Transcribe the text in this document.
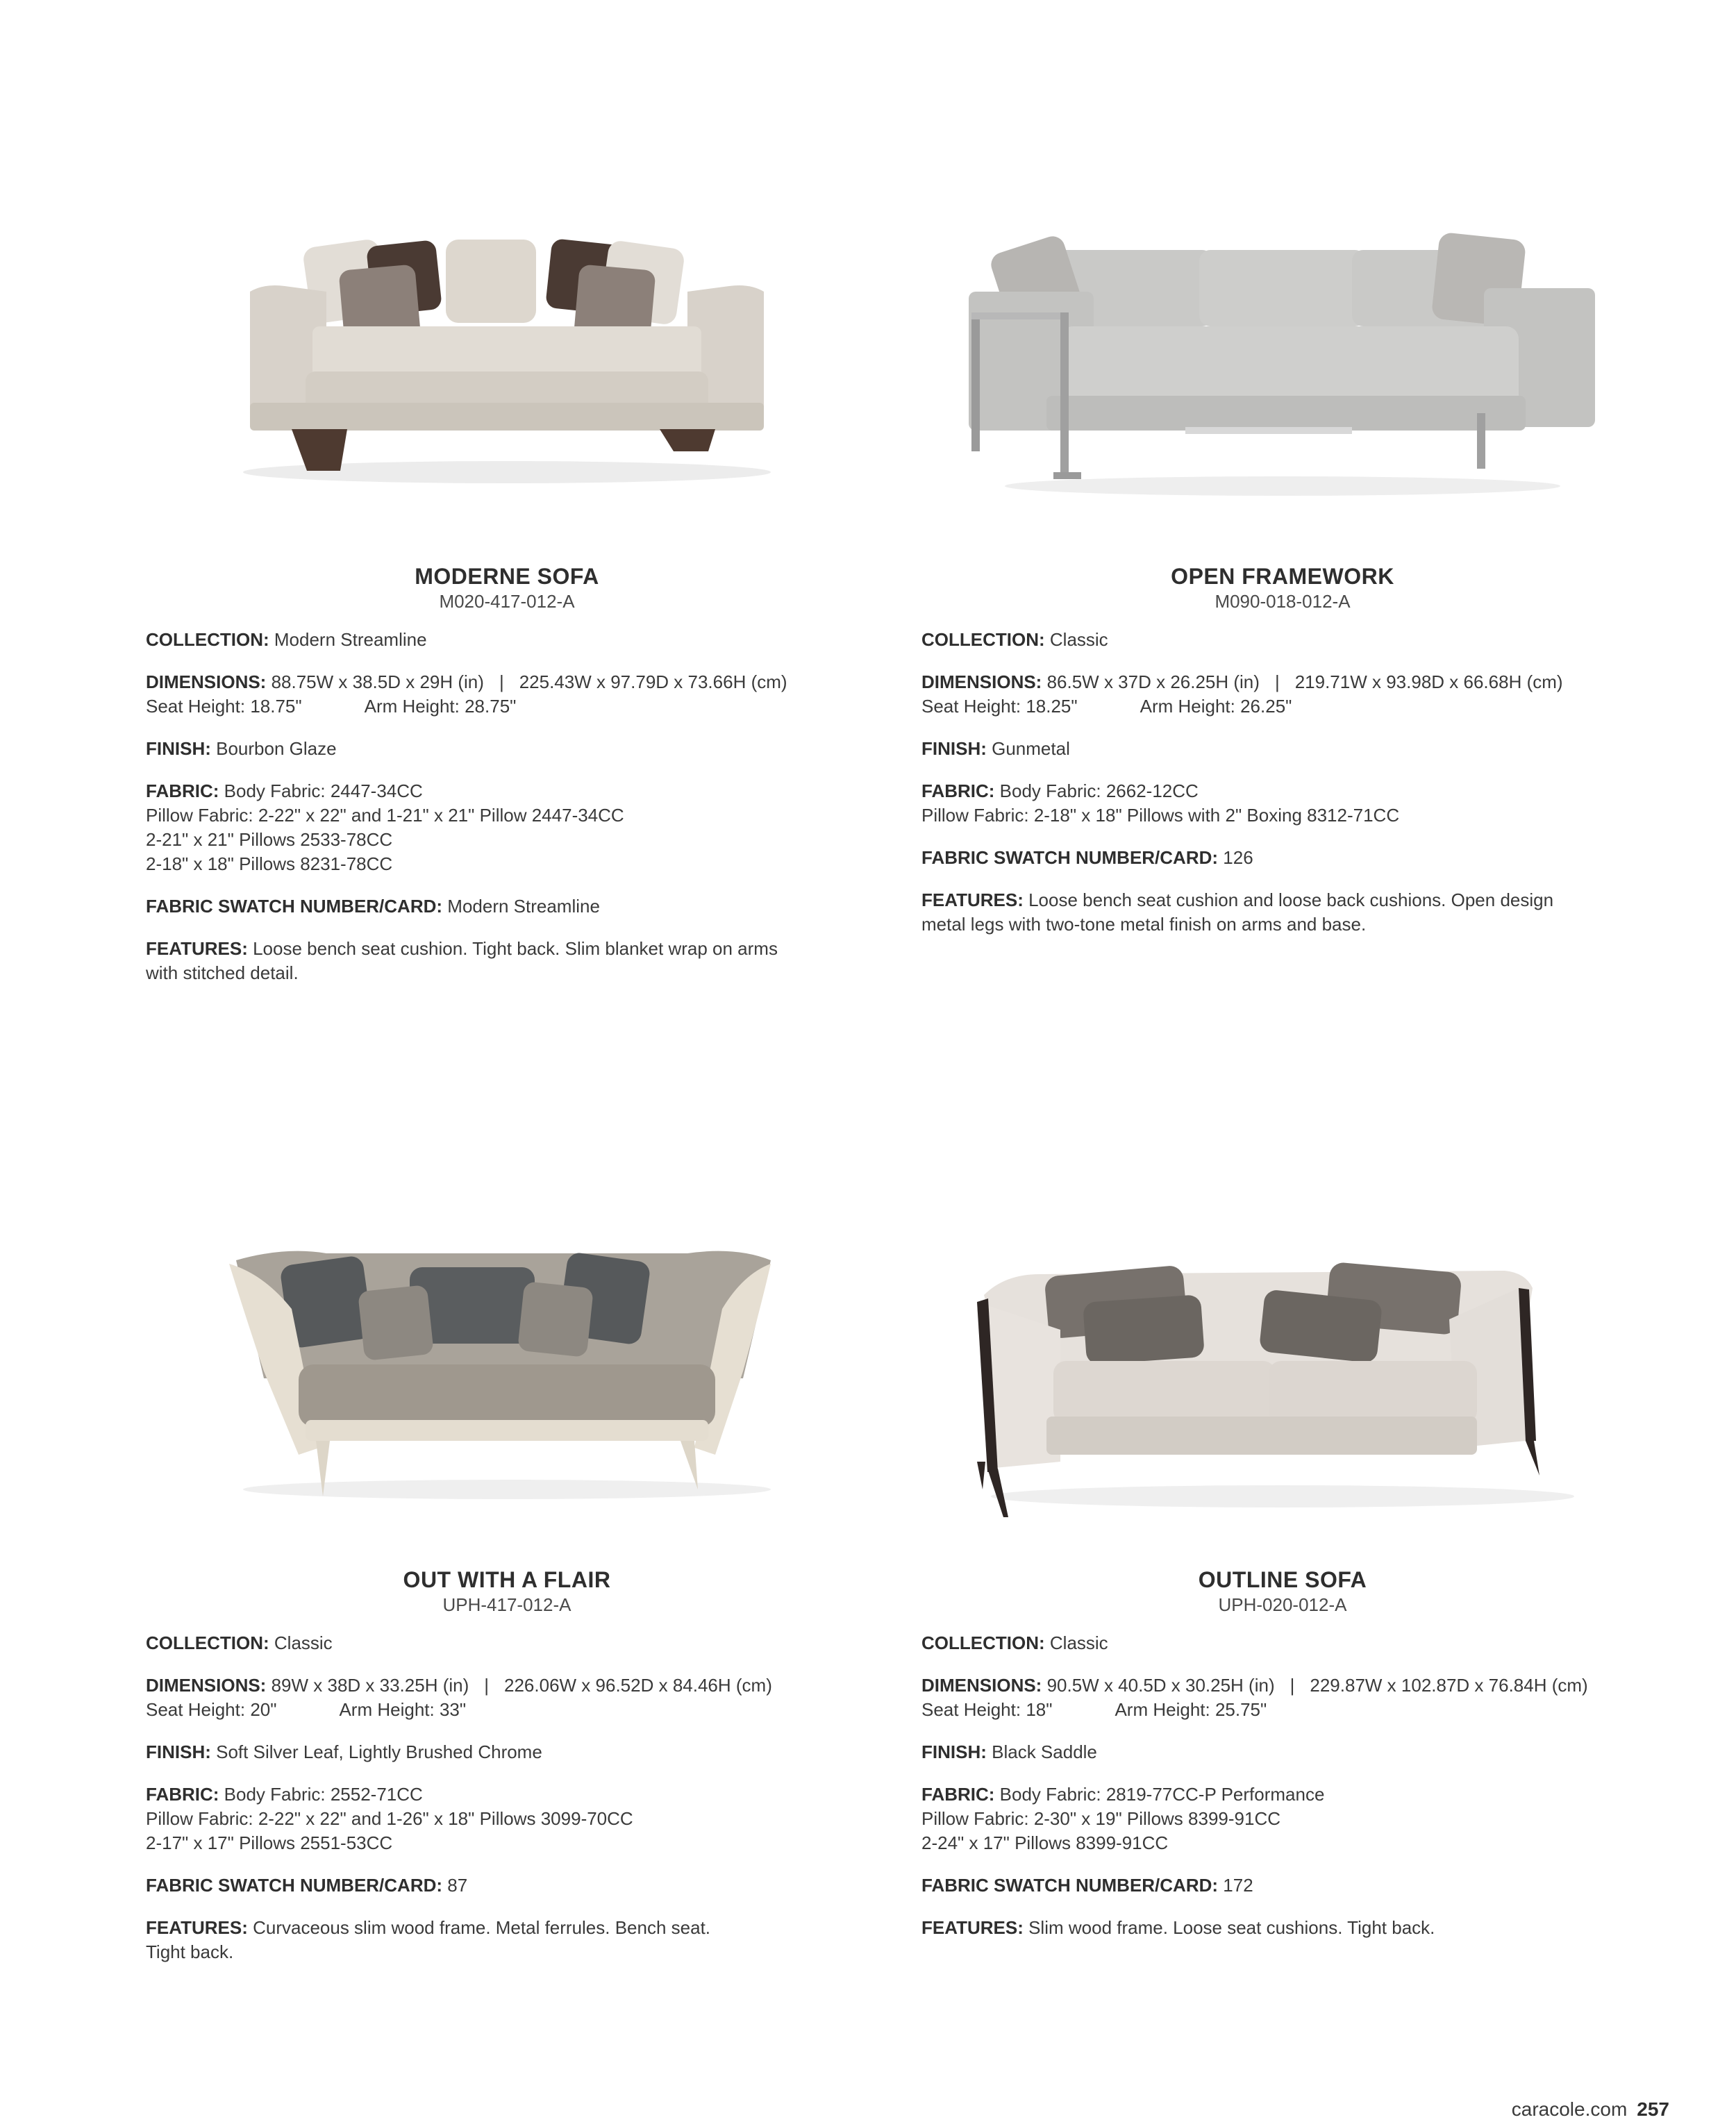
MODERNE SOFA
M020-417-012-A
COLLECTION: Modern Streamline
DIMENSIONS: 88.75W x 38.5D x 29H (in) | 225.43W x 97.79D x 73.66H (cm)
Seat Height: 18.75"	Arm Height: 28.75"
FINISH: Bourbon Glaze
FABRIC: Body Fabric: 2447-34CC
Pillow Fabric: 2-22" x 22" and 1-21" x 21" Pillow 2447-34CC
2-21" x 21" Pillows 2533-78CC
2-18" x 18" Pillows 8231-78CC
FABRIC SWATCH NUMBER/CARD: Modern Streamline
FEATURES: Loose bench seat cushion. Tight back. Slim blanket wrap on arms
with stitched detail.
OPEN FRAMEWORK
M090-018-012-A
COLLECTION: Classic
DIMENSIONS: 86.5W x 37D x 26.25H (in) | 219.71W x 93.98D x 66.68H (cm)
Seat Height: 18.25"	Arm Height: 26.25"
FINISH: Gunmetal
FABRIC: Body Fabric: 2662-12CC
Pillow Fabric: 2-18" x 18" Pillows with 2" Boxing 8312-71CC
FABRIC SWATCH NUMBER/CARD: 126
FEATURES: Loose bench seat cushion and loose back cushions. Open design
metal legs with two-tone metal finish on arms and base.
OUT WITH A FLAIR
UPH-417-012-A
COLLECTION: Classic
DIMENSIONS: 89W x 38D x 33.25H (in) | 226.06W x 96.52D x 84.46H (cm)
Seat Height: 20"	Arm Height: 33"
FINISH: Soft Silver Leaf, Lightly Brushed Chrome
FABRIC: Body Fabric: 2552-71CC
Pillow Fabric: 2-22" x 22" and 1-26" x 18" Pillows 3099-70CC
2-17" x 17" Pillows 2551-53CC
FABRIC SWATCH NUMBER/CARD: 87
FEATURES: Curvaceous slim wood frame. Metal ferrules. Bench seat.
Tight back.
OUTLINE SOFA
UPH-020-012-A
COLLECTION: Classic
DIMENSIONS: 90.5W x 40.5D x 30.25H (in) | 229.87W x 102.87D x 76.84H (cm)
Seat Height: 18"	Arm Height: 25.75"
FINISH: Black Saddle
FABRIC: Body Fabric: 2819-77CC-P Performance
Pillow Fabric: 2-30" x 19" Pillows 8399-91CC
2-24" x 17" Pillows 8399-91CC
FABRIC SWATCH NUMBER/CARD: 172
FEATURES: Slim wood frame. Loose seat cushions. Tight back.
caracole.com 257
